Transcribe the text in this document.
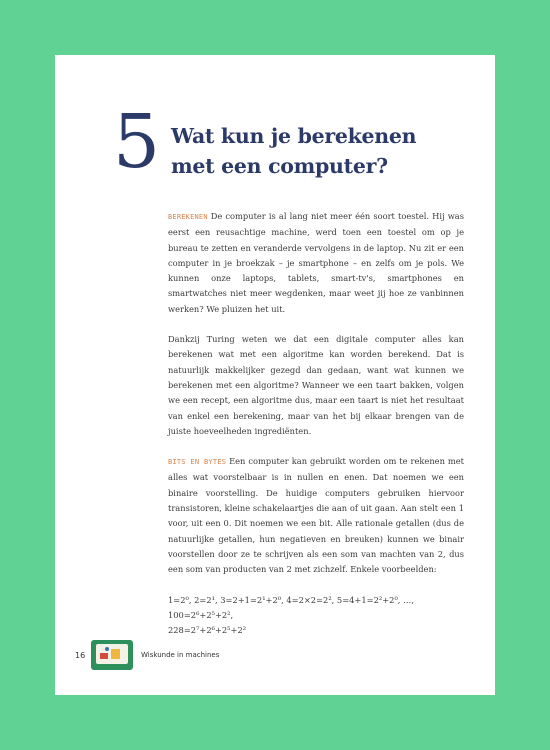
5 Wat kun je berekenen
met een computer?

BEREKENEN De computer is al lang niet meer één soort toestel. Hij was eerst een reusachtige machine, werd toen een toestel om op je bureau te zetten en veranderde vervolgens in de laptop. Nu zit er een computer in je broekzak – je smartphone – en zelfs om je pols. We kunnen onze laptops, tablets, smart-tv's, smartphones en smartwatches niet meer wegdenken, maar weet jij hoe ze vanbinnen werken? We pluizen het uit.

Dankzij Turing weten we dat een digitale computer alles kan berekenen wat met een algoritme kan worden berekend. Dat is natuurlijk makkelijker gezegd dan gedaan, want wat kunnen we berekenen met een algoritme? Wanneer we een taart bakken, volgen we een recept, een algoritme dus, maar een taart is niet het resultaat van enkel een berekening, maar van het bij elkaar brengen van de juiste hoeveelheden ingrediënten.

BITS EN BYTES Een computer kan gebruikt worden om te rekenen met alles wat voorstelbaar is in nullen en enen. Dat noemen we een binaire voorstelling. De huidige computers gebruiken hiervoor transistoren, kleine schakelaartjes die aan of uit gaan. Aan stelt een 1 voor, uit een 0. Dit noemen we een bit. Alle rationale getallen (dus de natuurlijke getallen, hun negatieven en breuken) kunnen we binair voorstellen door ze te schrijven als een som van machten van 2, dus een som van producten van 2 met zichzelf. Enkele voorbeelden:

1=2⁰, 2=2¹, 3=2+1=2¹+2⁰, 4=2×2=2², 5=4+1=2²+2⁰, …, 100=2⁶+2⁵+2²,
228=2⁷+2⁶+2⁵+2²
16	Wiskunde in machines
